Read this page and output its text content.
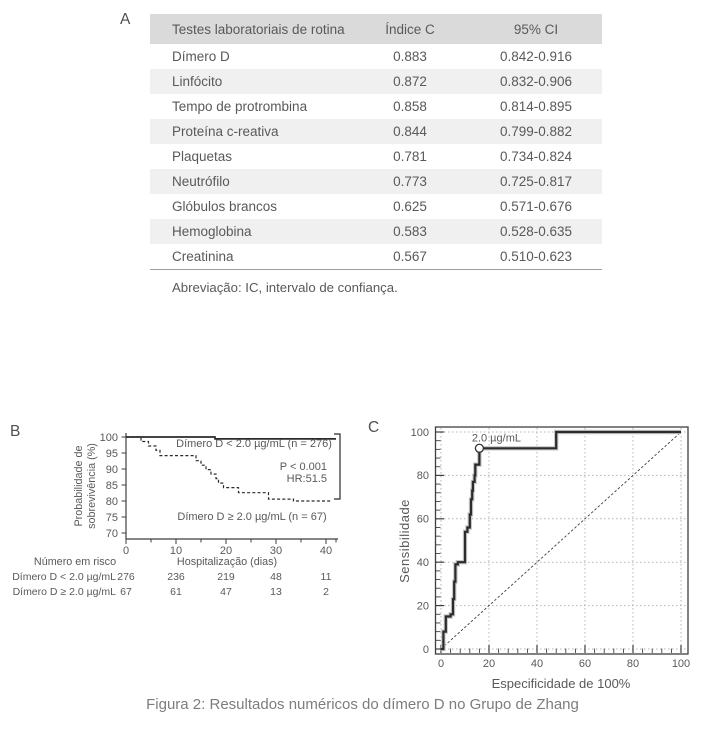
A
Testes laboratoriais de rotina	Índice C	95% CI
Dímero D	0.883	0.842-0.916
Linfócito	0.872	0.832-0.906
Tempo de protrombina	0.858	0.814-0.895
Proteína c-reativa	0.844	0.799-0.882
Plaquetas	0.781	0.734-0.824
Neutrófilo	0.773	0.725-0.817
Glóbulos brancos	0.625	0.571-0.676
Hemoglobina	0.583	0.528-0.635
Creatinina	0.567	0.510-0.623
Abreviação: IC, intervalo de confiança.
B	C
0	10	20	30	40
100
95
90
85
80
75
70
Probabilidade de sobrevivência (%)	Dímero D < 2.0 µg/mL (n = 276)
Dímero D ≥ 2.0 µg/mL (n = 67)
P < 0.001
HR:51.5
Número em risco	Hospitalização (dias)
Dímero D < 2.0 µg/mL 276	236	219	48	11
Dímero D ≥ 2.0 µg/mL 67	61	47	13	2
0
0
20
20
40
40
60
60
80
80
100
100
Sensibilidade
Especificidade de 100%
2.0 µg/mL
Figura 2: Resultados numéricos do dímero D no Grupo de Zhang
